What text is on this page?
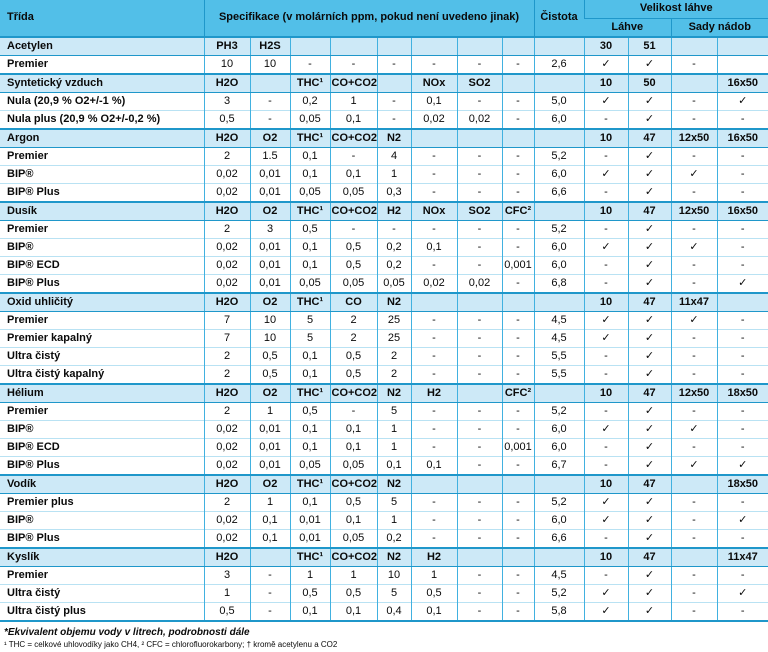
Třída	Specifikace (v molárních ppm, pokud není uvedeno jinak)								Čistota	Velikost láhve			
										Láhve		Sady nádob	
Acetylen	PH3	H2S								30	51		
Premier	10	10	-	-	-	-	-	-	2,6	✓	✓	-	
Syntetický vzduch	H2O		THC¹	CO+CO2		NOx	SO2			10	50		16x50
Nula (20,9 % O2+/-1 %)	3	-	0,2	1	-	0,1	-	-	5,0	✓	✓	-	✓
Nula plus (20,9 % O2+/-0,2 %)	0,5	-	0,05	0,1	-	0,02	0,02	-	6,0	-	✓	-	-
Argon	H2O	O2	THC¹	CO+CO2	N2					10	47	12x50	16x50
Premier	2	1.5	0,1	-	4	-	-	-	5,2	-	✓	-	-
BIP®	0,02	0,01	0,1	0,1	1	-	-	-	6,0	✓	✓	✓	-
BIP® Plus	0,02	0,01	0,05	0,05	0,3	-	-	-	6,6	-	✓	-	-
Dusík	H2O	O2	THC¹	CO+CO2	H2	NOx	SO2	CFC²		10	47	12x50	16x50
Premier	2	3	0,5	-	-	-	-	-	5,2	-	✓	-	-
BIP®	0,02	0,01	0,1	0,5	0,2	0,1	-	-	6,0	✓	✓	✓	-
BIP® ECD	0,02	0,01	0,1	0,5	0,2	-	-	0,001	6,0	-	✓	-	-
BIP® Plus	0,02	0,01	0,05	0,05	0,05	0,02	0,02	-	6,8	-	✓	-	✓
Oxid uhličitý	H2O	O2	THC¹	CO	N2					10	47	11x47	
Premier	7	10	5	2	25	-	-	-	4,5	✓	✓	✓	-
Premier kapalný	7	10	5	2	25	-	-	-	4,5	✓	✓	-	-
Ultra čistý	2	0,5	0,1	0,5	2	-	-	-	5,5	-	✓	-	-
Ultra čistý kapalný	2	0,5	0,1	0,5	2	-	-	-	5,5	-	✓	-	-
Hélium	H2O	O2	THC¹	CO+CO2	N2	H2		CFC²		10	47	12x50	18x50
Premier	2	1	0,5	-	5	-	-	-	5,2	-	✓	-	-
BIP®	0,02	0,01	0,1	0,1	1	-	-	-	6,0	✓	✓	✓	-
BIP® ECD	0,02	0,01	0,1	0,1	1	-	-	0,001	6,0	-	✓	-	-
BIP® Plus	0,02	0,01	0,05	0,05	0,1	0,1	-	-	6,7	-	✓	✓	✓
Vodík	H2O	O2	THC¹	CO+CO2	N2					10	47		18x50
Premier plus	2	1	0,1	0,5	5	-	-	-	5,2	✓	✓	-	-
BIP®	0,02	0,1	0,01	0,1	1	-	-	-	6,0	✓	✓	-	✓
BIP® Plus	0,02	0,1	0,01	0,05	0,2	-	-	-	6,6	-	✓	-	-
Kyslík	H2O		THC¹	CO+CO2	N2	H2				10	47		11x47
Premier	3	-	1	1	10	1	-	-	4,5	-	✓	-	-
Ultra čistý	1	-	0,5	0,5	5	0,5	-	-	5,2	✓	✓	-	✓
Ultra čistý plus	0,5	-	0,1	0,1	0,4	0,1	-	-	5,8	✓	✓	-	-

*Ekvivalent objemu vody v litrech, podrobnosti dále

¹ THC = celkové uhlovodíky jako CH4, ² CFC = chlorofluorokarbony; † kromě acetylenu a CO2
